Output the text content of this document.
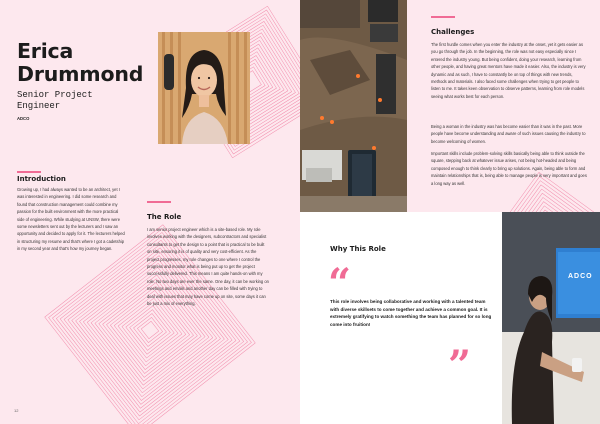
Erica
Drummond
Senior Project
Engineer
ADCO
Introduction
Growing up, I had always wanted to be an architect, yet I was interested in engineering. I did some research and found that construction management could combine my passion for the built environment with the more practical side of engineering. While studying at UNSW, there were some newsletters sent out by the lecturers and I saw an opportunity and decided to apply for it. The lecturers helped in structuring my resume and that's where I got a cadetship in my second year and that's how my journey began.
The Role
I am senior project engineer which is a site-based role. My role involves working with the designers, subcontractors and specialist consultants to get the design to a point that is practical to be built on site, ensuring it is of quality and very cost-efficient. As the project progresses, my role changes to one where I control the progress and monitor what is being put up to get the project successfully delivered. This means I am quite hands-on with my role. No two days are ever the same. One day, it can be working on meetings and emails and another day can be filled with trying to deal with issues that may have come up on site, some days it can be just a mix of everything.
12
Challenges
The first hurdle comes when you enter the industry at the onset, yet it gets easier as you go through the job. In the beginning, the role was not easy especially since I entered the industry young. But being confident, doing your research, learning from other people, and having great mentors have made it easier. Also, the industry is very dynamic and as such, I have to constantly be on top of things with new trends, methods and materials. I also faced some challenges when trying to get people to listen to me. It takes keen observation to observe patterns, learning from role models seeing what works best for each person.
Being a woman in the industry was has become easier than it was in the past. More people have become understanding and aware of such issues causing the industry to become welcoming of women.
Important skills include problem-solving skills basically being able to think outside the square, stepping back at whatever issue arises, not being hot-headed and being composed enough to think clearly to bring up solutions. Again, being able to form and maintain relationships that is, being able to manage people is very important and goes a long way as well.
Why This Role
“
This role involves being collaborative and working with a talented team with diverse skillsets to come together and achieve a common goal. It is extremely gratifying to watch something the team has planned for so long come into fruition!
”
ADCO
